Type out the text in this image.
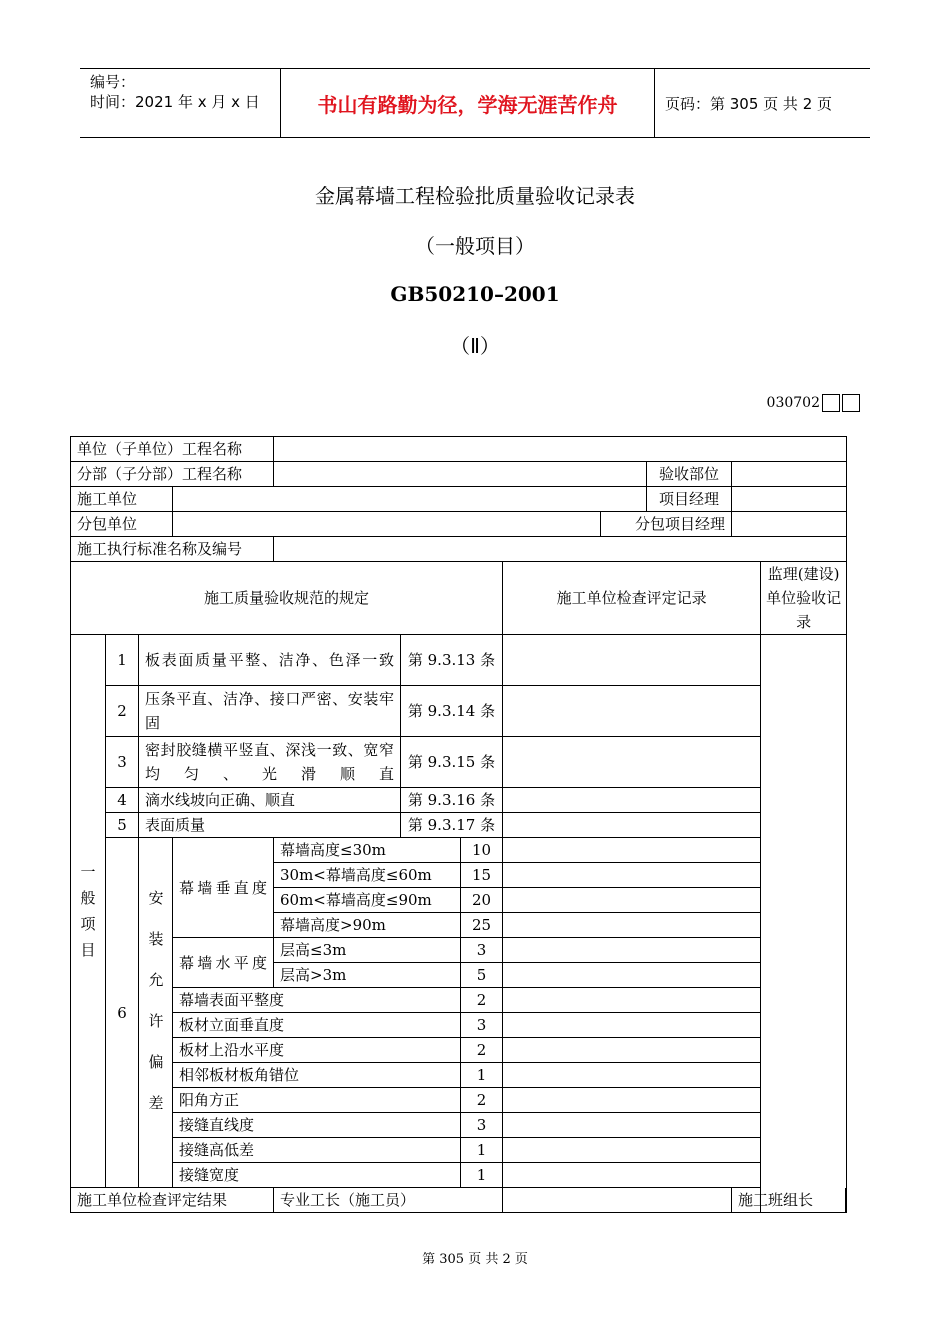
编号：
时间：2021 年 x 月 x 日	书山有路勤为径，学海无涯苦作舟	页码：第 305 页 共 2 页
金属幕墙工程检验批质量验收记录表
（一般项目）
GB50210–2001
（Ⅱ）
030702
单位（子单位）工程名称											
分部（子分部）工程名称									验收部位		
施工单位									项目经理		
分包单位								分包项目经理			
施工执行标准名称及编号											
施工质量验收规范的规定							施工单位检查评定记录				监理(建设)单位验收记录
一般项目	1	板表面质量平整、洁净、色泽一致			第 9.3.13 条						
	2	压条平直、洁净、接口严密、安装牢固			第 9.3.14 条						
	3	密封胶缝横平竖直、深浅一致、宽窄均匀、光滑顺直			第 9.3.15 条						
	4	滴水线坡向正确、顺直			第 9.3.16 条						
	5	表面质量			第 9.3.17 条						
	6	安装允许偏差	幕墙垂直度	幕墙高度≤30m		10					
				30m<幕墙高度≤60m		15					
				60m<幕墙高度≤90m		20					
				幕墙高度>90m		25					
			幕墙水平度	层高≤3m		3					
				层高>3m		5					
			幕墙表面平整度			2					
			板材立面垂直度			3					
			板材上沿水平度			2					
			相邻板材板角错位			1					
			阳角方正			2					
			接缝直线度			3					
			接缝高低差			1					
			接缝宽度			1					
施工单位检查评定结果				专业工长（施工员）						施工班组长	
第 305 页 共 2 页
